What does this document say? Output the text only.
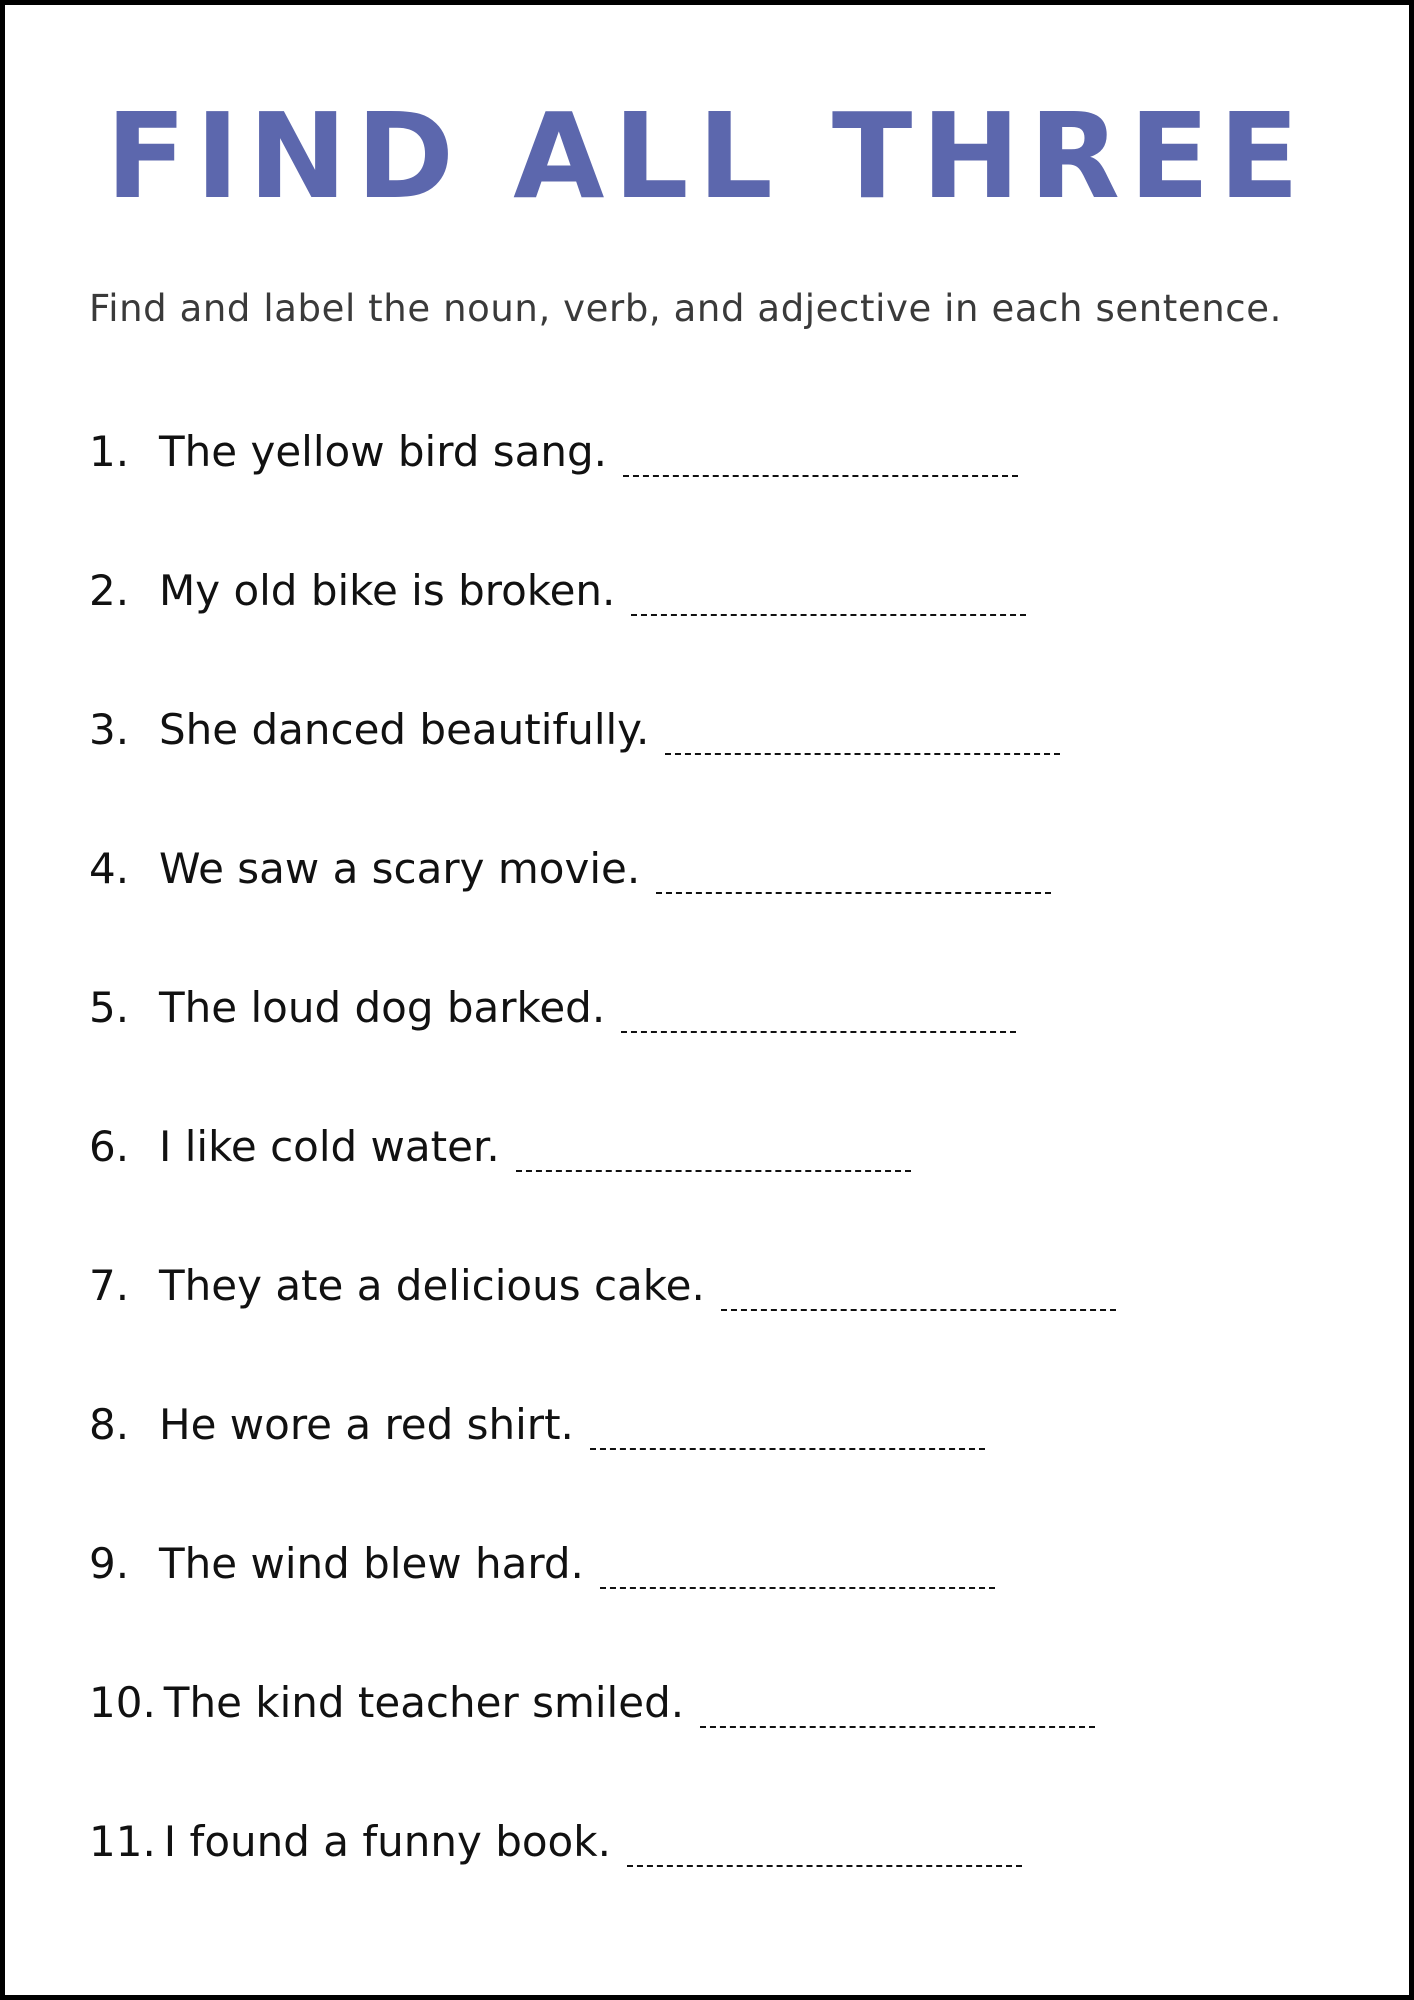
FIND ALL THREE

Find and label the noun, verb, and adjective in each sentence.

1. The yellow bird sang.
2. My old bike is broken.
3. She danced beautifully.
4. We saw a scary movie.
5. The loud dog barked.
6. I like cold water.
7. They ate a delicious cake.
8. He wore a red shirt.
9. The wind blew hard.
10. The kind teacher smiled.
11. I found a funny book.
